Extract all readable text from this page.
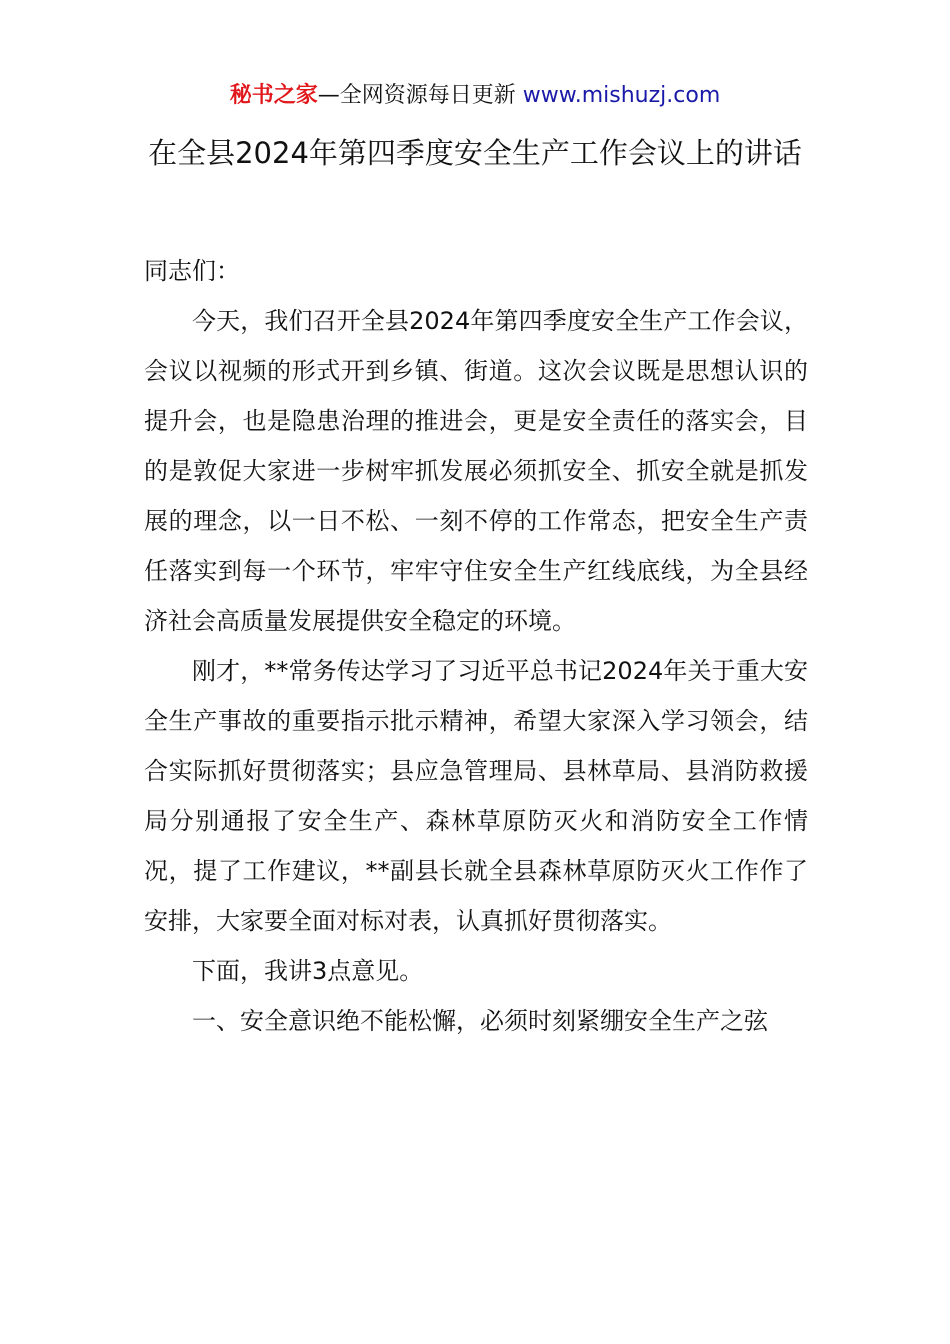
秘书之家—全网资源每日更新 www.mishuzj.com
在全县2024年第四季度安全生产工作会议上的讲话

同志们：

今天，我们召开全县2024年第四季度安全生产工作会议，会议以视频的形式开到乡镇、街道。这次会议既是思想认识的提升会，也是隐患治理的推进会，更是安全责任的落实会，目的是敦促大家进一步树牢抓发展必须抓安全、抓安全就是抓发展的理念，以一日不松、一刻不停的工作常态，把安全生产责任落实到每一个环节，牢牢守住安全生产红线底线，为全县经济社会高质量发展提供安全稳定的环境。

刚才，**常务传达学习了习近平总书记2024年关于重大安全生产事故的重要指示批示精神，希望大家深入学习领会，结合实际抓好贯彻落实；县应急管理局、县林草局、县消防救援局分别通报了安全生产、森林草原防灭火和消防安全工作情况，提了工作建议，**副县长就全县森林草原防灭火工作作了安排，大家要全面对标对表，认真抓好贯彻落实。

下面，我讲3点意见。

一、安全意识绝不能松懈，必须时刻紧绷安全生产之弦
